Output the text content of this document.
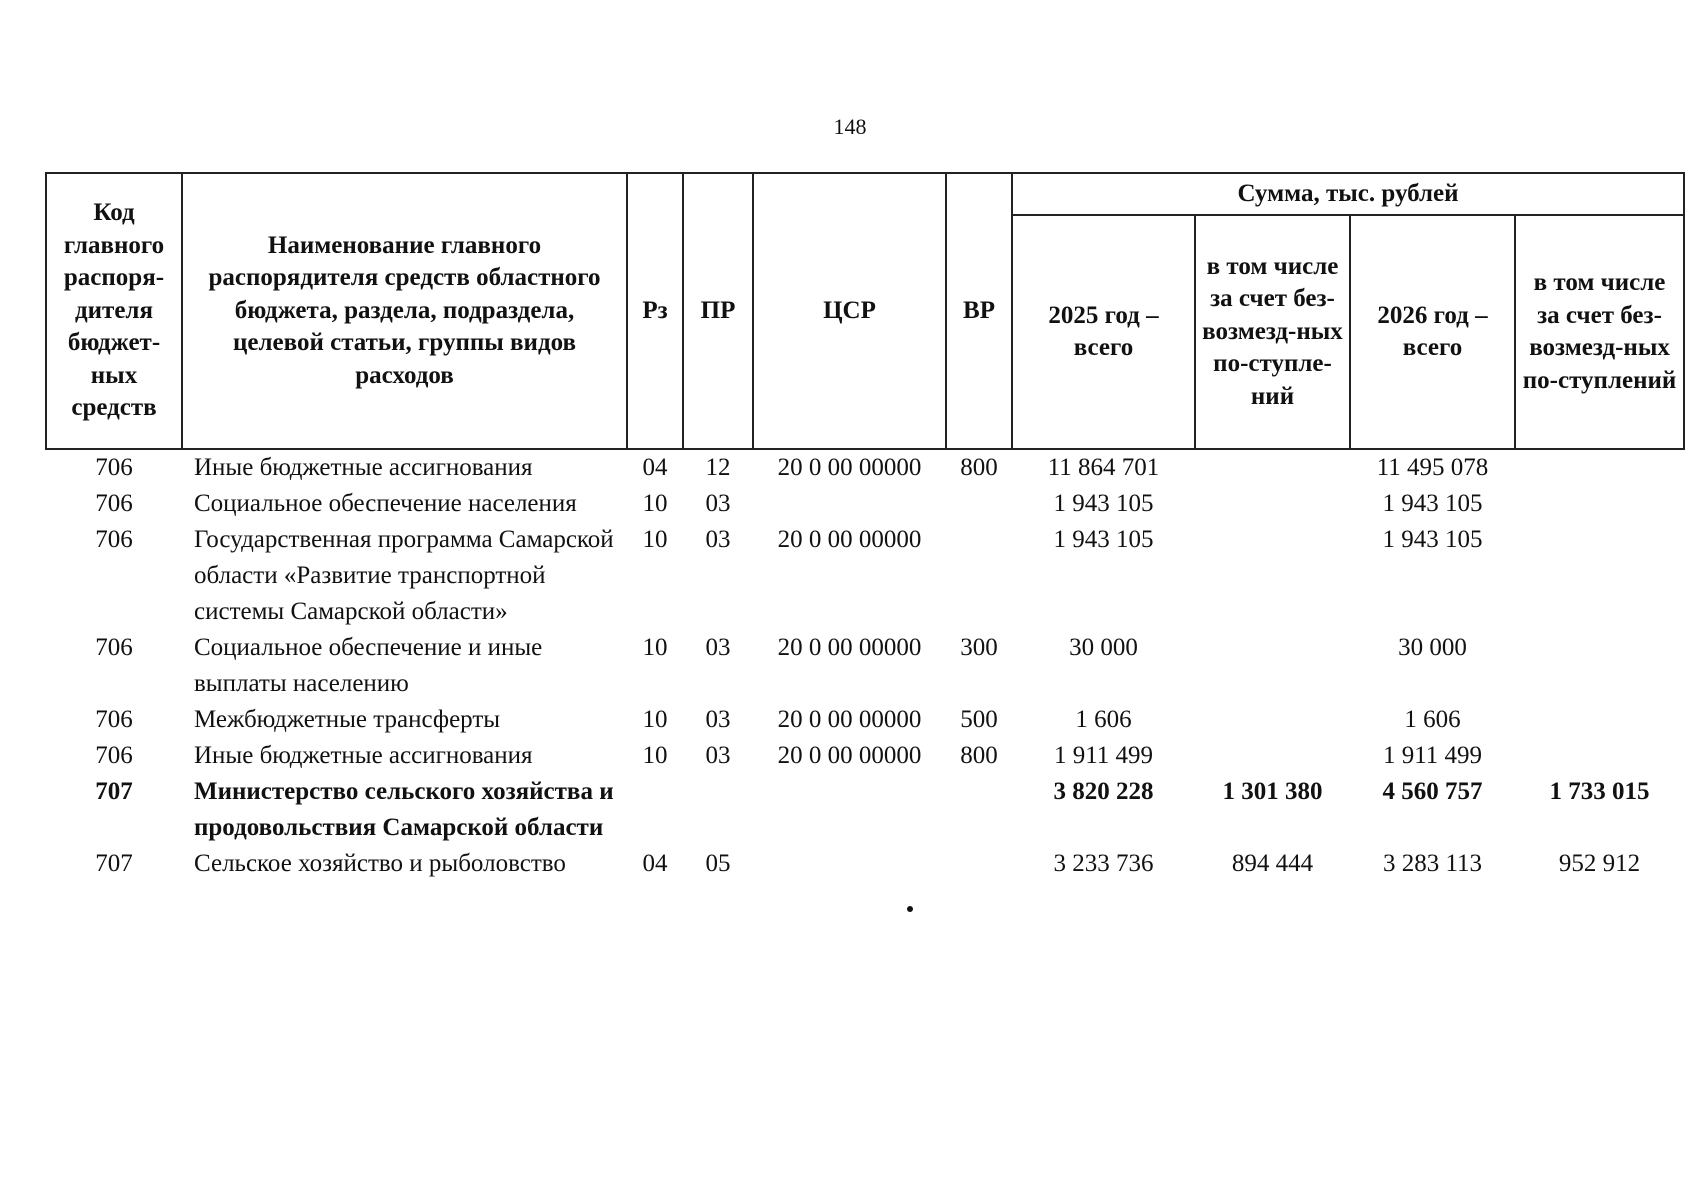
148
Код главного распоря-дителя бюджет-ных средств	Наименование главного распорядителя средств областного бюджета, раздела, подраздела, целевой статьи, группы видов расходов	Рз	ПР	ЦСР	ВР	Сумма, тыс. рублей			
						2025 год – всего	в том числе за счет без-возмезд-ных по-ступле-ний	2026 год – всего	в том числе за счет без-возмезд-ных по-ступлений
706	Иные бюджетные ассигнования	04	12	20 0 00 00000	800	11 864 701		11 495 078	
706	Социальное обеспечение населения	10	03			1 943 105		1 943 105	
706	Государственная программа Самарской области «Развитие транспортной системы Самарской области»	10	03	20 0 00 00000		1 943 105		1 943 105	
706	Социальное обеспечение и иные выплаты населению	10	03	20 0 00 00000	300	30 000		30 000	
706	Межбюджетные трансферты	10	03	20 0 00 00000	500	1 606		1 606	
706	Иные бюджетные ассигнования	10	03	20 0 00 00000	800	1 911 499		1 911 499	
707	Министерство сельского хозяйства и продовольствия Самарской области					3 820 228	1 301 380	4 560 757	1 733 015
707	Сельское хозяйство и рыболовство	04	05			3 233 736	894 444	3 283 113	952 912
